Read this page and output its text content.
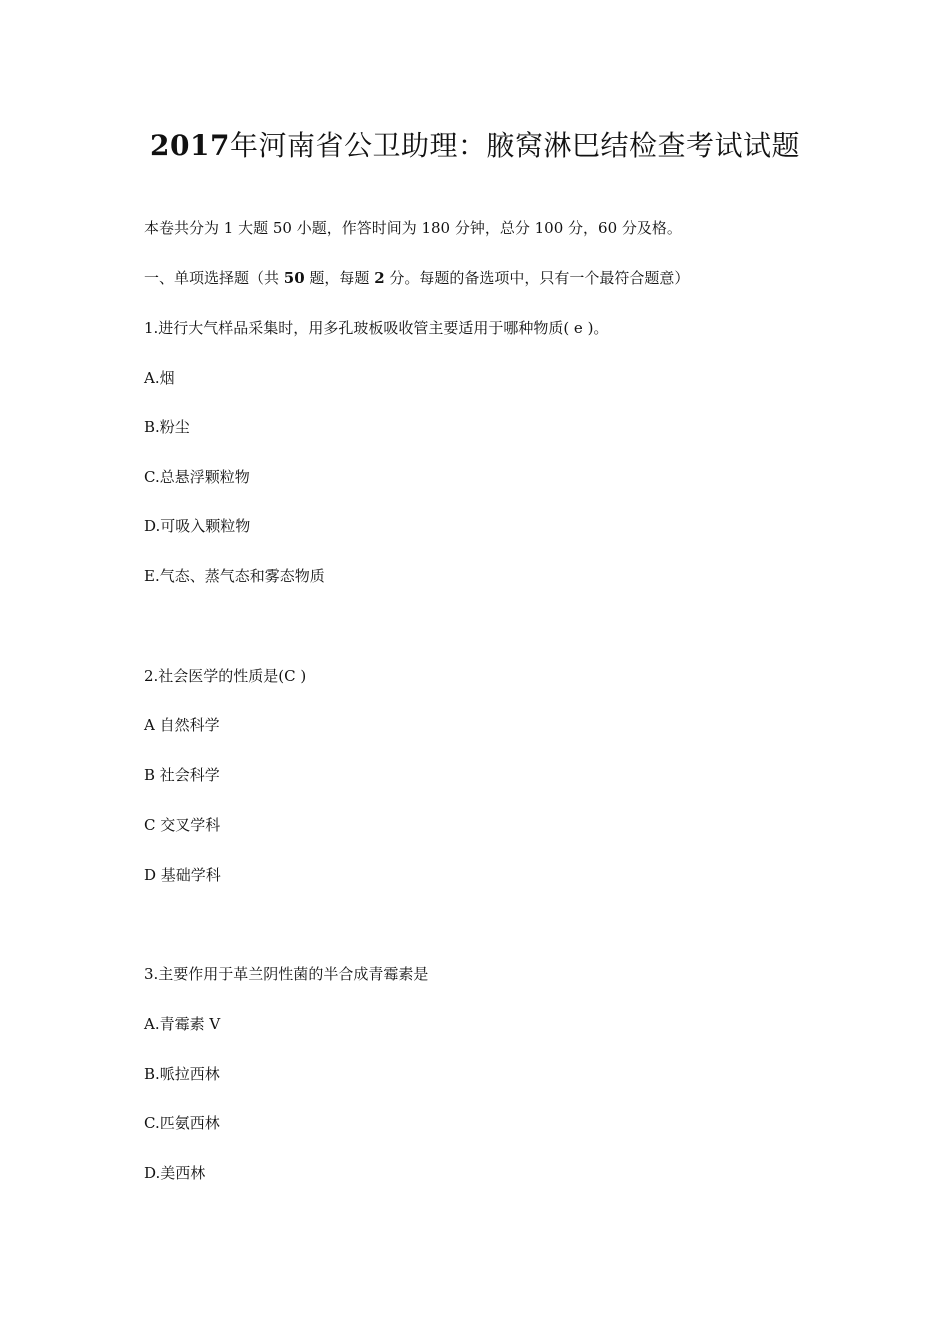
2017年河南省公卫助理：腋窝淋巴结检查考试试题
本卷共分为 1 大题 50 小题，作答时间为 180 分钟，总分 100 分，60 分及格。
一、单项选择题（共 50 题，每题 2 分。每题的备选项中，只有一个最符合题意）
1.进行大气样品采集时，用多孔玻板吸收管主要适用于哪种物质( e )。
A.烟
B.粉尘
C.总悬浮颗粒物
D.可吸入颗粒物
E.气态、蒸气态和雾态物质
2.社会医学的性质是(C )
A 自然科学
B 社会科学
C 交叉学科
D 基础学科
3.主要作用于革兰阴性菌的半合成青霉素是
A.青霉素 V
B.哌拉西林
C.匹氨西林
D.美西林
